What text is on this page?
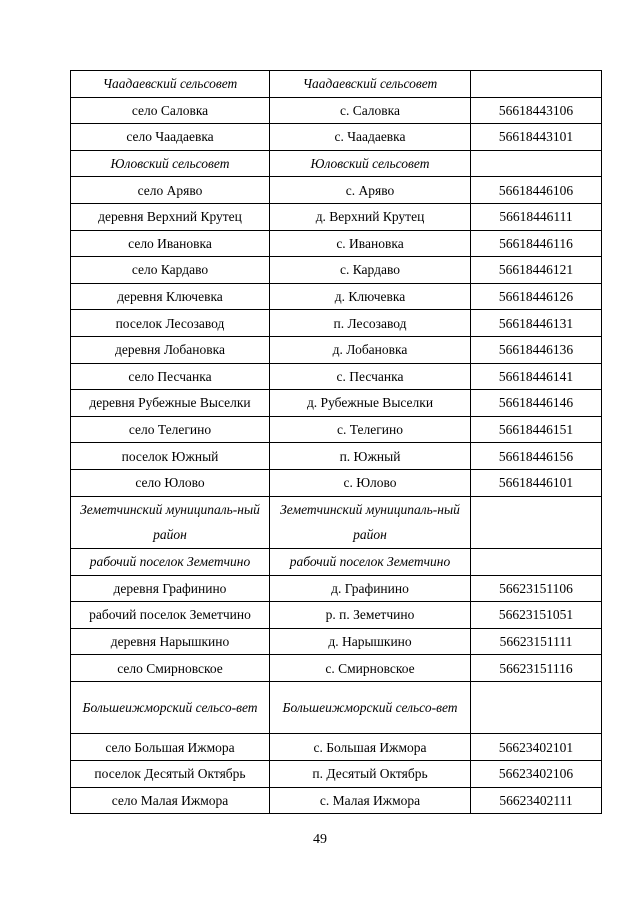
Чаадаевский сельсовет	Чаадаевский сельсовет	
село Саловка	с. Саловка	56618443106
село Чаадаевка	с. Чаадаевка	56618443101
Юловский сельсовет	Юловский сельсовет	
село Аряво	с. Аряво	56618446106
деревня Верхний Крутец	д. Верхний Крутец	56618446111
село Ивановка	с. Ивановка	56618446116
село Кардаво	с. Кардаво	56618446121
деревня Ключевка	д. Ключевка	56618446126
поселок Лесозавод	п. Лесозавод	56618446131
деревня Лобановка	д. Лобановка	56618446136
село Песчанка	с. Песчанка	56618446141
деревня Рубежные Выселки	д. Рубежные Выселки	56618446146
село Телегино	с. Телегино	56618446151
поселок Южный	п. Южный	56618446156
село Юлово	с. Юлово	56618446101
Земетчинский муниципаль-ный район	Земетчинский муниципаль-ный район	
рабочий поселок Земетчино	рабочий поселок Земетчино	
деревня Графинино	д. Графинино	56623151106
рабочий поселок Земетчино	р. п. Земетчино	56623151051
деревня Нарышкино	д. Нарышкино	56623151111
село Смирновское	с. Смирновское	56623151116
Большеижморский сельсо-вет	Большеижморский сельсо-вет	
село Большая Ижмора	с. Большая Ижмора	56623402101
поселок Десятый Октябрь	п. Десятый Октябрь	56623402106
село Малая Ижмора	с. Малая Ижмора	56623402111
49
